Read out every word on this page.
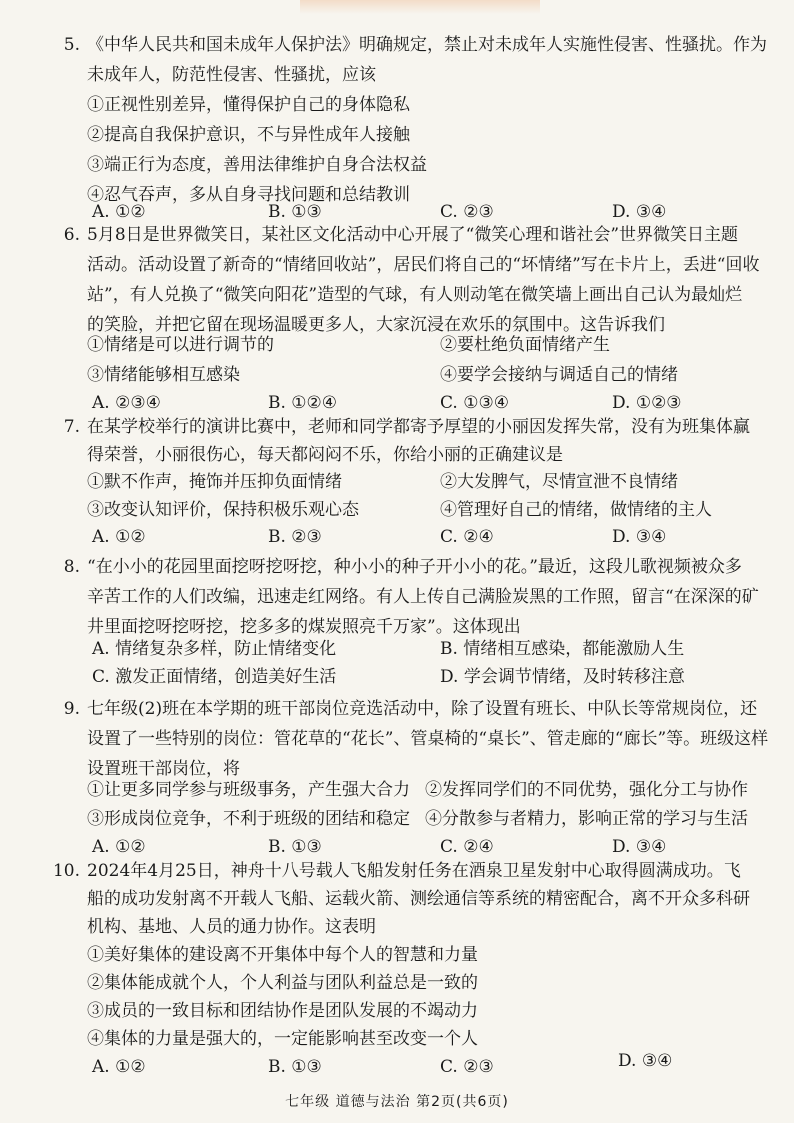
5. 《中华人民共和国未成年人保护法》明确规定，禁止对未成年人实施性侵害、性骚扰。作为
未成年人，防范性侵害、性骚扰，应该
①正视性别差异，懂得保护自己的身体隐私
②提高自我保护意识，不与异性成年人接触
③端正行为态度，善用法律维护自身合法权益
④忍气吞声，多从自身寻找问题和总结教训
A. ①②	B. ①③	C. ②③	D. ③④
6. 5月8日是世界微笑日，某社区文化活动中心开展了“微笑心理和谐社会”世界微笑日主题
活动。活动设置了新奇的“情绪回收站”，居民们将自己的“坏情绪”写在卡片上，丢进“回收
站”，有人兑换了“微笑向阳花”造型的气球，有人则动笔在微笑墙上画出自己认为最灿烂
的笑脸，并把它留在现场温暖更多人，大家沉浸在欢乐的氛围中。这告诉我们
①情绪是可以进行调节的	②要杜绝负面情绪产生
③情绪能够相互感染	④要学会接纳与调适自己的情绪
A. ②③④	B. ①②④	C. ①③④	D. ①②③
7. 在某学校举行的演讲比赛中，老师和同学都寄予厚望的小丽因发挥失常，没有为班集体赢
得荣誉，小丽很伤心，每天都闷闷不乐，你给小丽的正确建议是
①默不作声，掩饰并压抑负面情绪	②大发脾气，尽情宣泄不良情绪
③改变认知评价，保持积极乐观心态	④管理好自己的情绪，做情绪的主人
A. ①②	B. ②③	C. ②④	D. ③④
8. “在小小的花园里面挖呀挖呀挖，种小小的种子开小小的花。”最近，这段儿歌视频被众多
辛苦工作的人们改编，迅速走红网络。有人上传自己满脸炭黑的工作照，留言“在深深的矿
井里面挖呀挖呀挖，挖多多的煤炭照亮千万家”。这体现出
A. 情绪复杂多样，防止情绪变化	B. 情绪相互感染，都能激励人生
C. 激发正面情绪，创造美好生活	D. 学会调节情绪，及时转移注意
9. 七年级(2)班在本学期的班干部岗位竞选活动中，除了设置有班长、中队长等常规岗位，还
设置了一些特别的岗位：管花草的“花长”、管桌椅的“桌长”、管走廊的“廊长”等。班级这样
设置班干部岗位，将
①让更多同学参与班级事务，产生强大合力 ②发挥同学们的不同优势，强化分工与协作
③形成岗位竞争，不利于班级的团结和稳定 ④分散参与者精力，影响正常的学习与生活
A. ①②	B. ①③	C. ②④	D. ③④
10. 2024年4月25日，神舟十八号载人飞船发射任务在酒泉卫星发射中心取得圆满成功。飞
船的成功发射离不开载人飞船、运载火箭、测绘通信等系统的精密配合，离不开众多科研
机构、基地、人员的通力协作。这表明
①美好集体的建设离不开集体中每个人的智慧和力量
②集体能成就个人，个人利益与团队利益总是一致的
③成员的一致目标和团结协作是团队发展的不竭动力
④集体的力量是强大的，一定能影响甚至改变一个人
A. ①②	B. ①③	C. ②③	D. ③④
七年级 道德与法治 第2页(共6页)
